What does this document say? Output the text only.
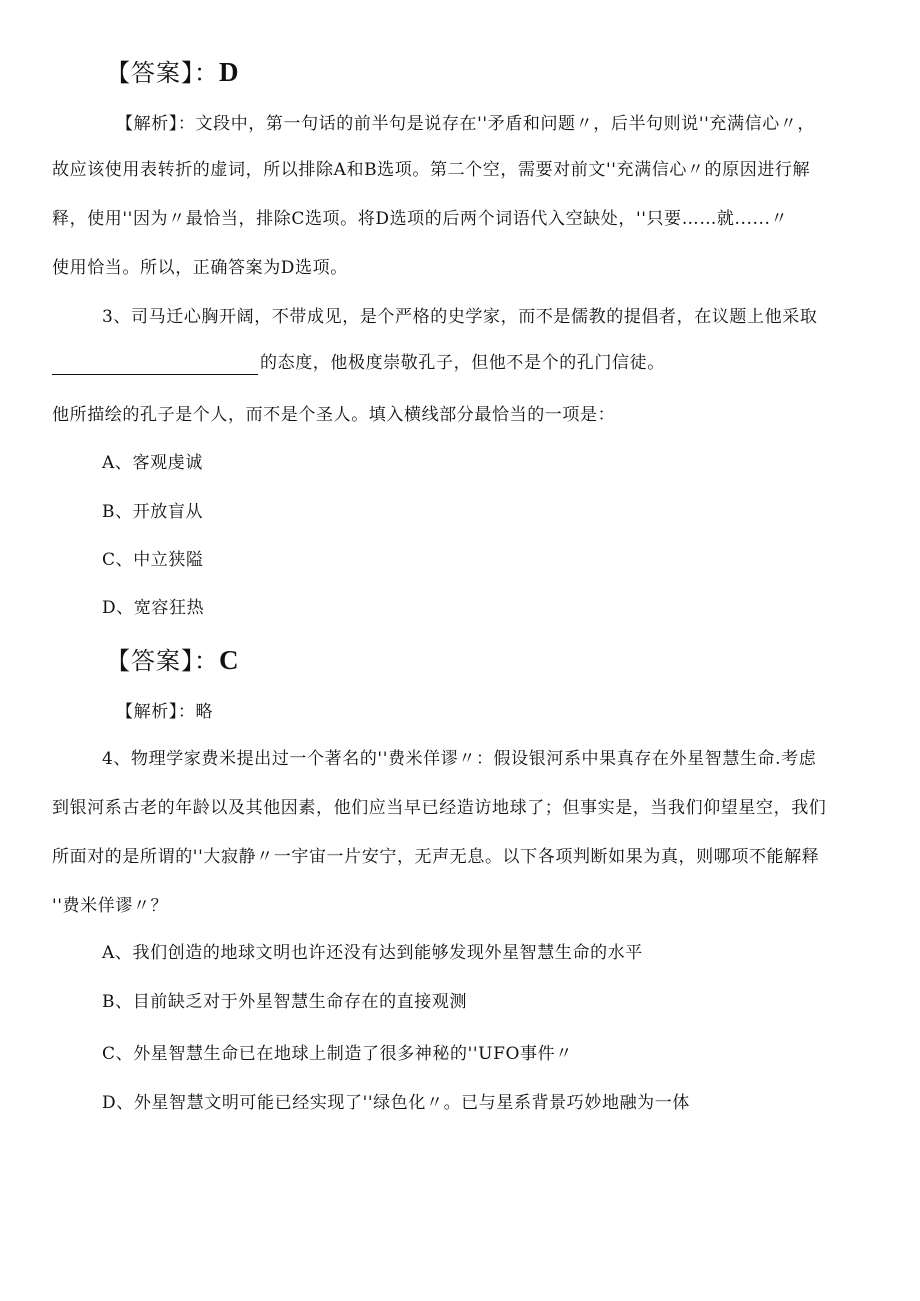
【答案】：D
【解析】：文段中，第一句话的前半句是说存在''矛盾和问题〃，后半句则说''充满信心〃，
故应该使用表转折的虚词，所以排除A和B选项。第二个空，需要对前文''充满信心〃的原因进行解
释，使用''因为〃最恰当，排除C选项。将D选项的后两个词语代入空缺处，''只要……就......〃
使用恰当。所以，正确答案为D选项。
3、司马迁心胸开阔，不带成见，是个严格的史学家，而不是儒教的提倡者，在议题上他采取
的态度，他极度崇敬孔子，但他不是个的孔门信徒。
他所描绘的孔子是个人，而不是个圣人。填入横线部分最恰当的一项是：
A、客观虔诚
B、开放盲从
C、中立狭隘
D、宽容狂热
【答案】：C
【解析】：略
4、物理学家费米提出过一个著名的''费米佯谬〃：假设银河系中果真存在外星智慧生命.考虑
到银河系古老的年龄以及其他因素，他们应当早已经造访地球了；但事实是，当我们仰望星空，我们
所面对的是所谓的''大寂静〃一宇宙一片安宁，无声无息。以下各项判断如果为真，则哪项不能解释
''费米佯谬〃？
A、我们创造的地球文明也许还没有达到能够发现外星智慧生命的水平
B、目前缺乏对于外星智慧生命存在的直接观测
C、外星智慧生命已在地球上制造了很多神秘的''UFO事件〃
D、外星智慧文明可能已经实现了''绿色化〃。已与星系背景巧妙地融为一体
